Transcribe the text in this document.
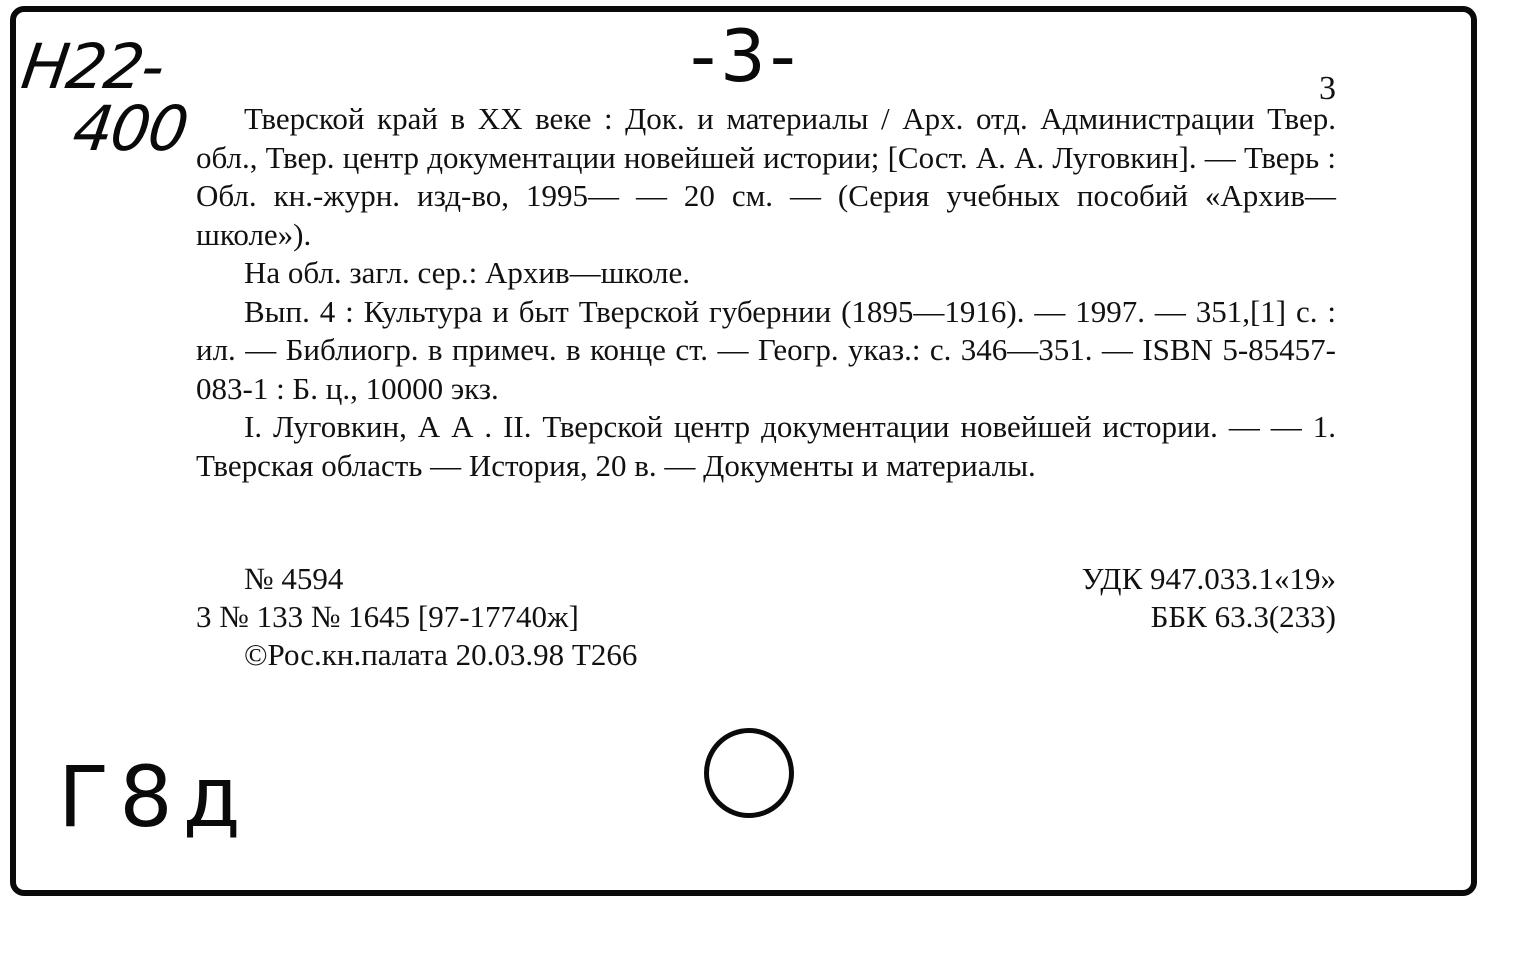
Н22-
400
-3-	3

Тверской край в XX веке : Док. и материалы / Арх. отд. Администрации Твер. обл., Твер. центр документации новейшей истории; [Сост. А. А. Луговкин]. — Тверь : Обл. кн.-журн. изд-во, 1995— — 20 см. — (Серия учебных пособий «Архив—школе»).

На обл. загл. сер.: Архив—школе.

Вып. 4 : Культура и быт Тверской губернии (1895—1916). — 1997. — 351,[1] с. : ил. — Библиогр. в примеч. в конце ст. — Геогр. указ.: с. 346—351. — ISBN 5-85457-083-1 : Б. ц., 10000 экз.

I. Луговкин, А А . II. Тверской центр документации новейшей истории. — — 1. Тверская область — История, 20 в. — Документы и материалы.

№ 4594	УДК 947.033.1«19»
3 № 133 № 1645 [97-17740ж]	ББК 63.3(233)
©Рос.кн.палата 20.03.98 Т266
Г8д
